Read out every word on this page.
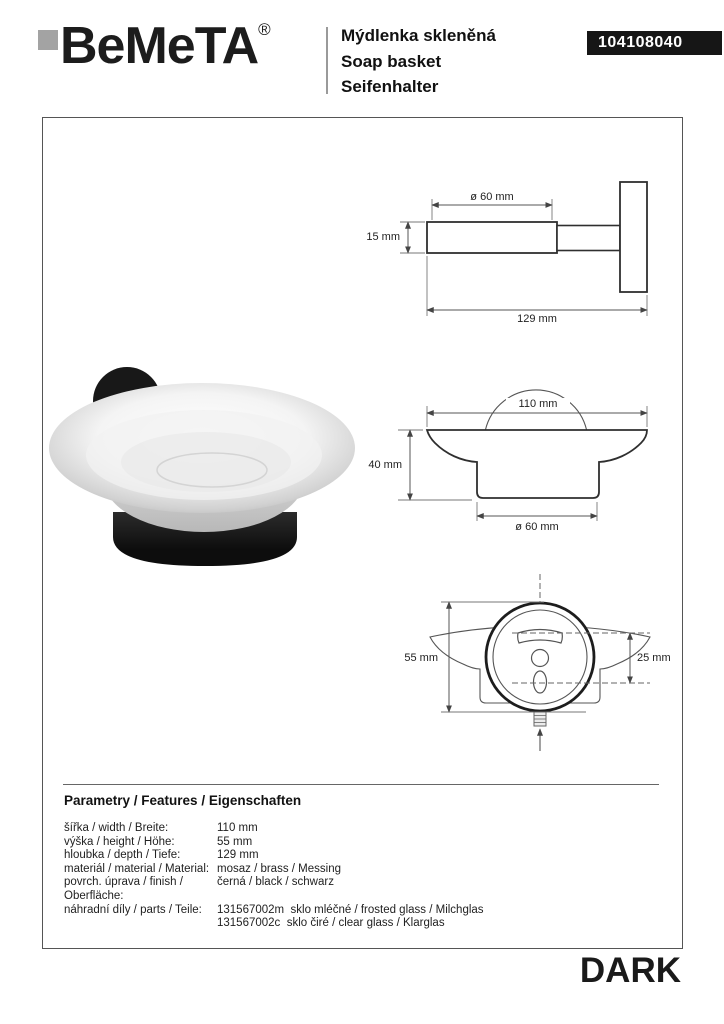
BeMeTA®	Mýdlenka skleněná
Soap basket
Seifenhalter
104108040
ø 60 mm
15 mm
129 mm
110 mm
40 mm
ø 60 mm
55 mm	25 mm
Parametry / Features / Eigenschaften
šířka / width / Breite:	110 mm
výška / height / Höhe:	55 mm
hloubka / depth / Tiefe:	129 mm
materiál / material / Material: mosaz / brass / Messing
povrch. úprava / finish / Oberfläche:
černá / black / schwarz
náhradní díly / parts / Teile:	131567002m  sklo mléčné / frosted glass / Milchglas
131567002c  sklo čiré / clear glass / Klarglas
DARK
